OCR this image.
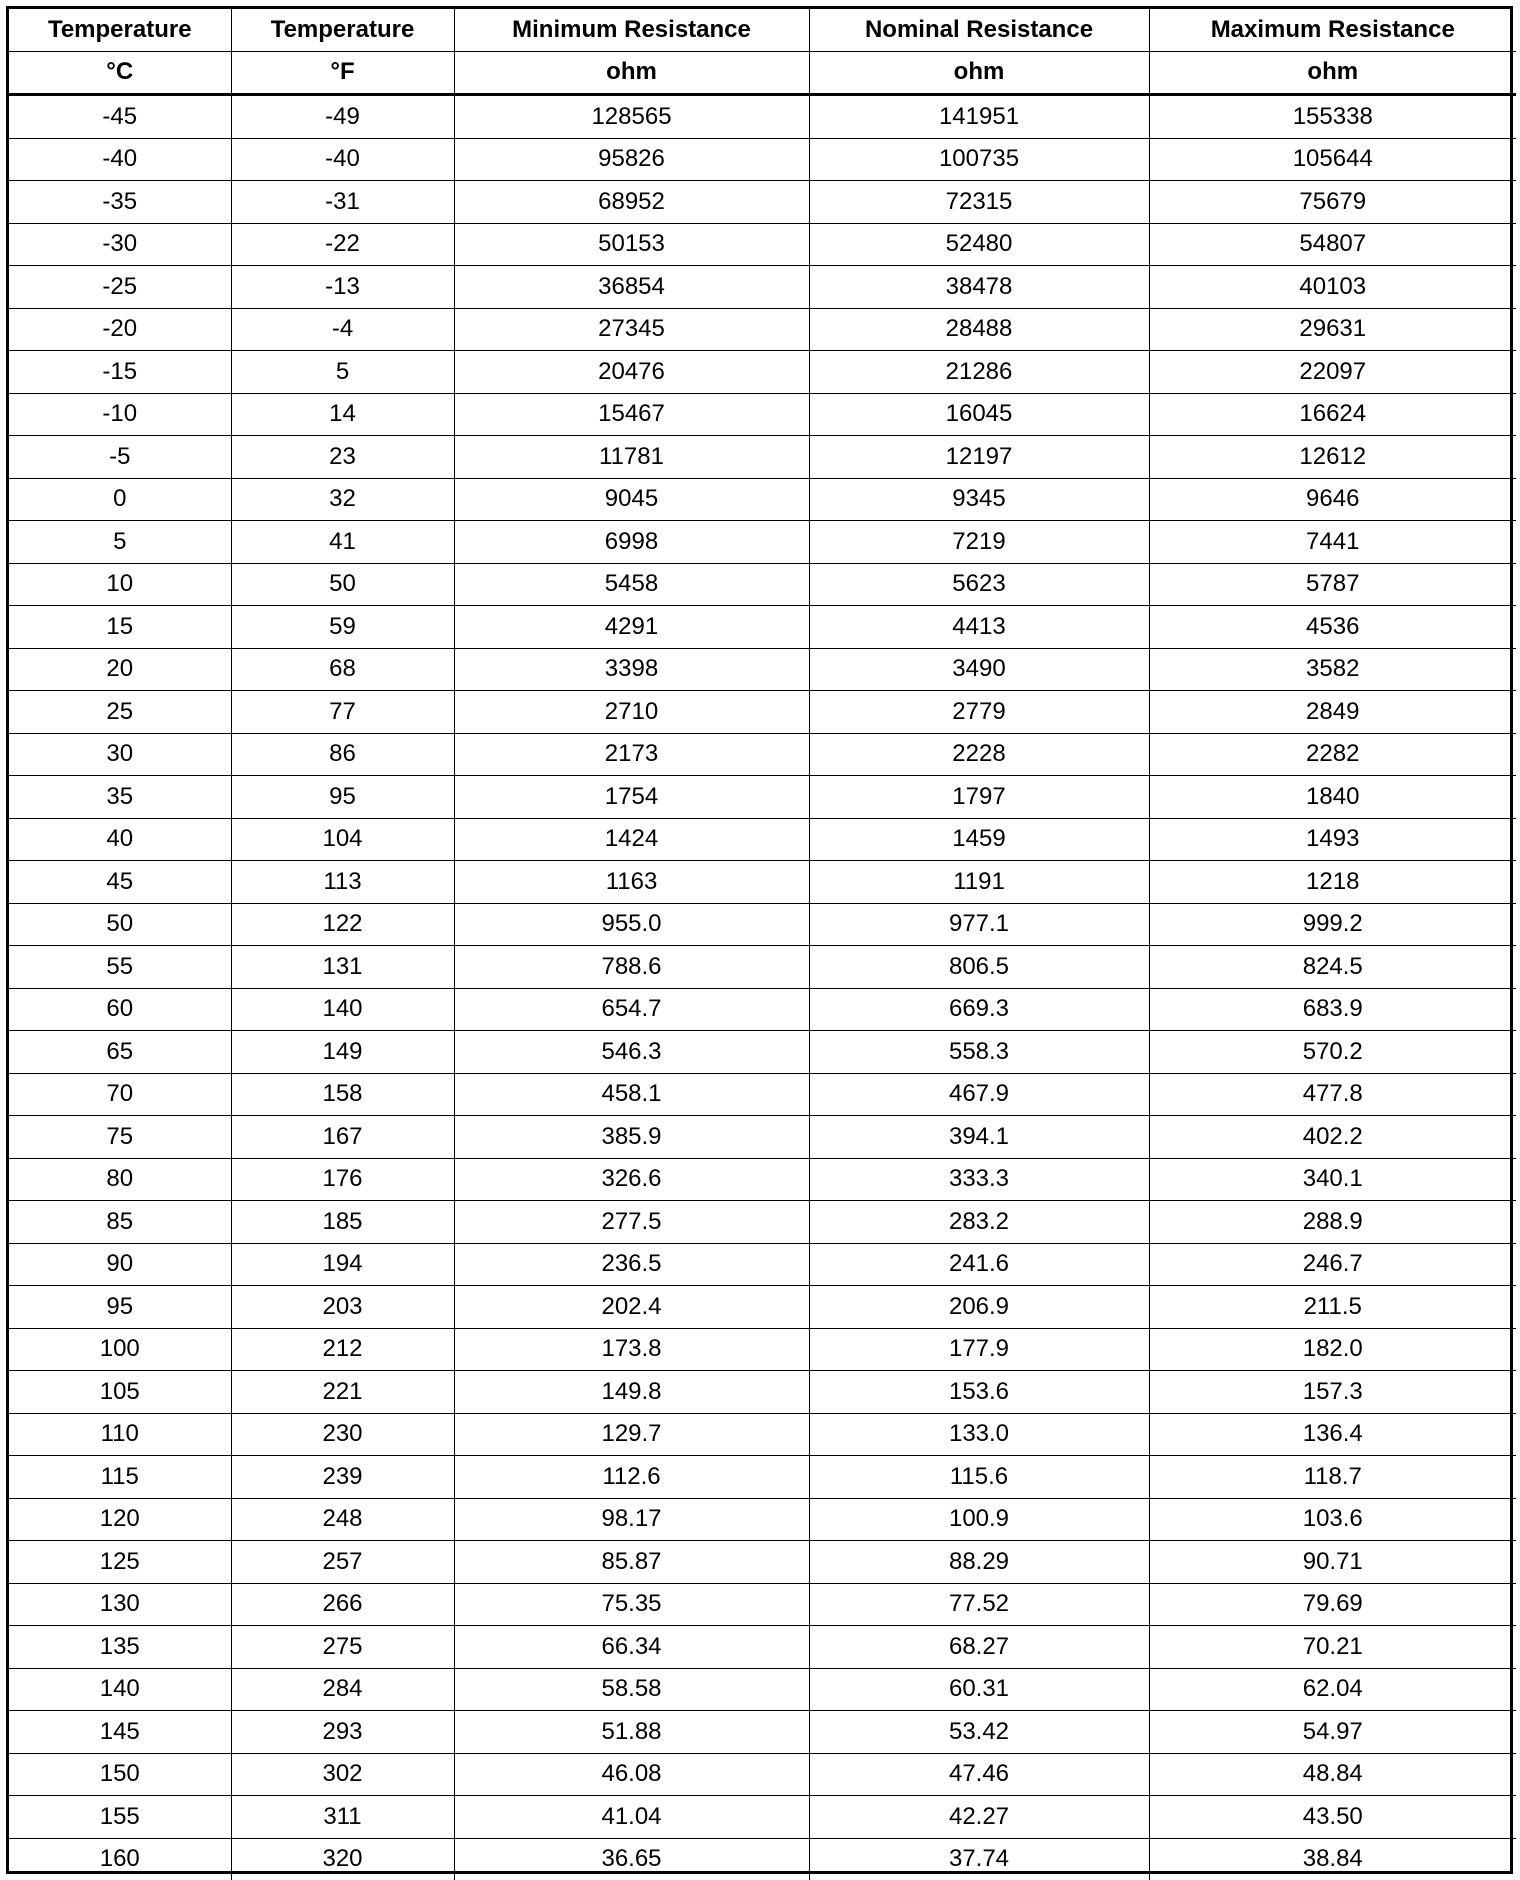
Temperature	Temperature	Minimum Resistance	Nominal Resistance	Maximum Resistance
°C	°F	ohm	ohm	ohm
-45	-49	128565	141951	155338
-40	-40	95826	100735	105644
-35	-31	68952	72315	75679
-30	-22	50153	52480	54807
-25	-13	36854	38478	40103
-20	-4	27345	28488	29631
-15	5	20476	21286	22097
-10	14	15467	16045	16624
-5	23	11781	12197	12612
0	32	9045	9345	9646
5	41	6998	7219	7441
10	50	5458	5623	5787
15	59	4291	4413	4536
20	68	3398	3490	3582
25	77	2710	2779	2849
30	86	2173	2228	2282
35	95	1754	1797	1840
40	104	1424	1459	1493
45	113	1163	1191	1218
50	122	955.0	977.1	999.2
55	131	788.6	806.5	824.5
60	140	654.7	669.3	683.9
65	149	546.3	558.3	570.2
70	158	458.1	467.9	477.8
75	167	385.9	394.1	402.2
80	176	326.6	333.3	340.1
85	185	277.5	283.2	288.9
90	194	236.5	241.6	246.7
95	203	202.4	206.9	211.5
100	212	173.8	177.9	182.0
105	221	149.8	153.6	157.3
110	230	129.7	133.0	136.4
115	239	112.6	115.6	118.7
120	248	98.17	100.9	103.6
125	257	85.87	88.29	90.71
130	266	75.35	77.52	79.69
135	275	66.34	68.27	70.21
140	284	58.58	60.31	62.04
145	293	51.88	53.42	54.97
150	302	46.08	47.46	48.84
155	311	41.04	42.27	43.50
160	320	36.65	37.74	38.84
